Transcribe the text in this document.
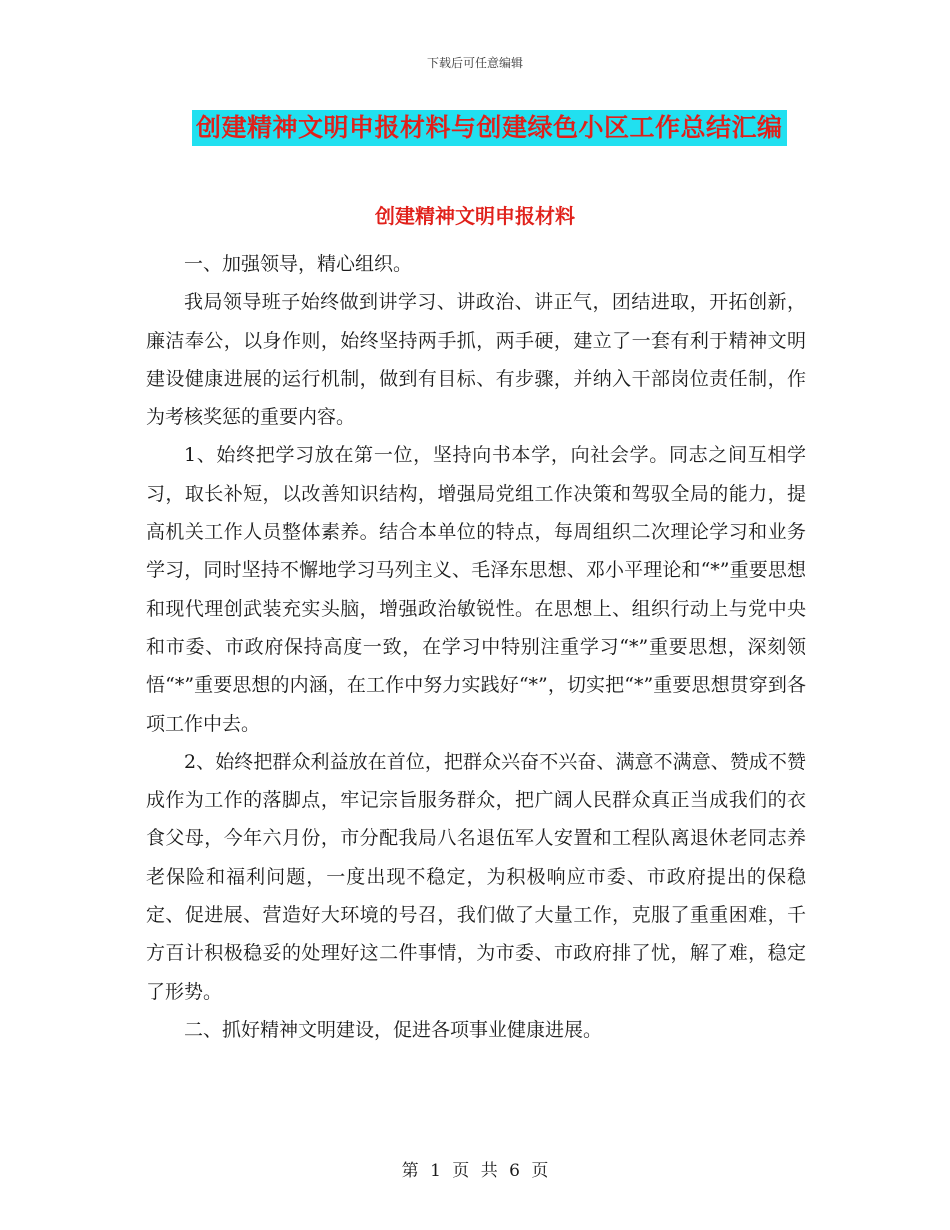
下载后可任意编辑
创建精神文明申报材料与创建绿色小区工作总结汇编
创建精神文明申报材料

一、加强领导，精心组织。

我局领导班子始终做到讲学习、讲政治、讲正气，团结进取，开拓创新，廉洁奉公，以身作则，始终坚持两手抓，两手硬，建立了一套有利于精神文明建设健康进展的运行机制，做到有目标、有步骤，并纳入干部岗位责任制，作为考核奖惩的重要内容。

1、始终把学习放在第一位，坚持向书本学，向社会学。同志之间互相学习，取长补短，以改善知识结构，增强局党组工作决策和驾驭全局的能力，提高机关工作人员整体素养。结合本单位的特点，每周组织二次理论学习和业务学习，同时坚持不懈地学习马列主义、毛泽东思想、邓小平理论和“*”重要思想和现代理创武装充实头脑，增强政治敏锐性。在思想上、组织行动上与党中央和市委、市政府保持高度一致，在学习中特别注重学习“*”重要思想，深刻领悟“*”重要思想的内涵，在工作中努力实践好“*”，切实把“*”重要思想贯穿到各项工作中去。

2、始终把群众利益放在首位，把群众兴奋不兴奋、满意不满意、赞成不赞成作为工作的落脚点，牢记宗旨服务群众，把广阔人民群众真正当成我们的衣食父母，今年六月份，市分配我局八名退伍军人安置和工程队离退休老同志养老保险和福利问题，一度出现不稳定，为积极响应市委、市政府提出的保稳定、促进展、营造好大环境的号召，我们做了大量工作，克服了重重困难，千方百计积极稳妥的处理好这二件事情，为市委、市政府排了忧，解了难，稳定了形势。

二、抓好精神文明建设，促进各项事业健康进展。

第 1 页 共 6 页
